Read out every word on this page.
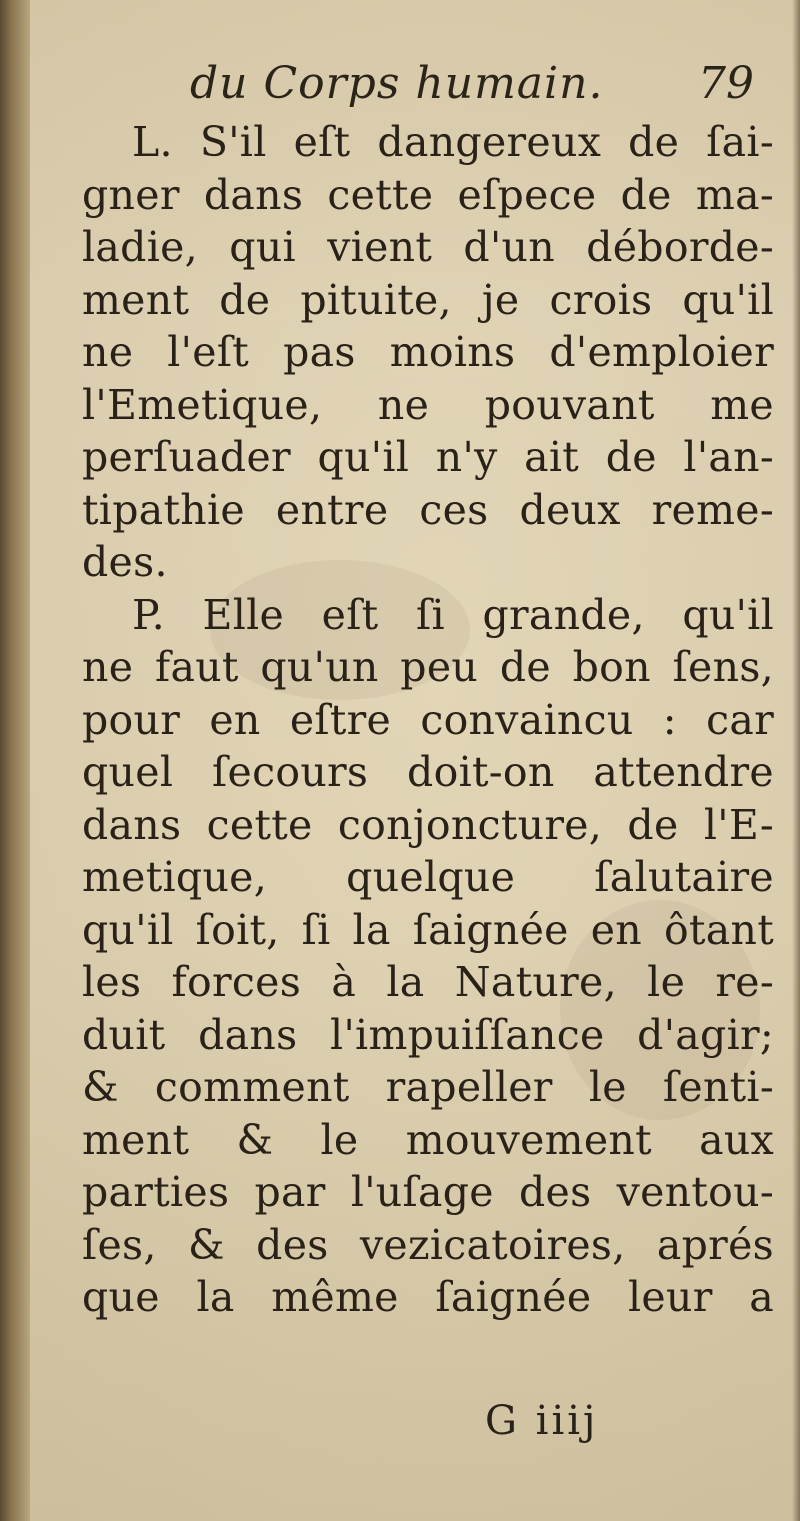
du Corps humain. 79
L. S'il eſt dangereux de ſai-
gner dans cette eſpece de ma-
ladie, qui vient d'un déborde-
ment de pituite, je crois qu'il
ne l'eſt pas moins d'emploier
l'Emetique, ne pouvant me
perſuader qu'il n'y ait de l'an-
tipathie entre ces deux reme-
des.
P. Elle eſt ſi grande, qu'il
ne faut qu'un peu de bon ſens,
pour en eſtre convaincu : car
quel ſecours doit-on attendre
dans cette conjoncture, de l'E-
metique, quelque ſalutaire
qu'il ſoit, ſi la ſaignée en ôtant
les forces à la Nature, le re-
duit dans l'impuiſſance d'agir;
& comment rapeller le ſenti-
ment & le mouvement aux
parties par l'uſage des ventou-
ſes, & des vezicatoires, aprés
que la même ſaignée leur a
G iiij
